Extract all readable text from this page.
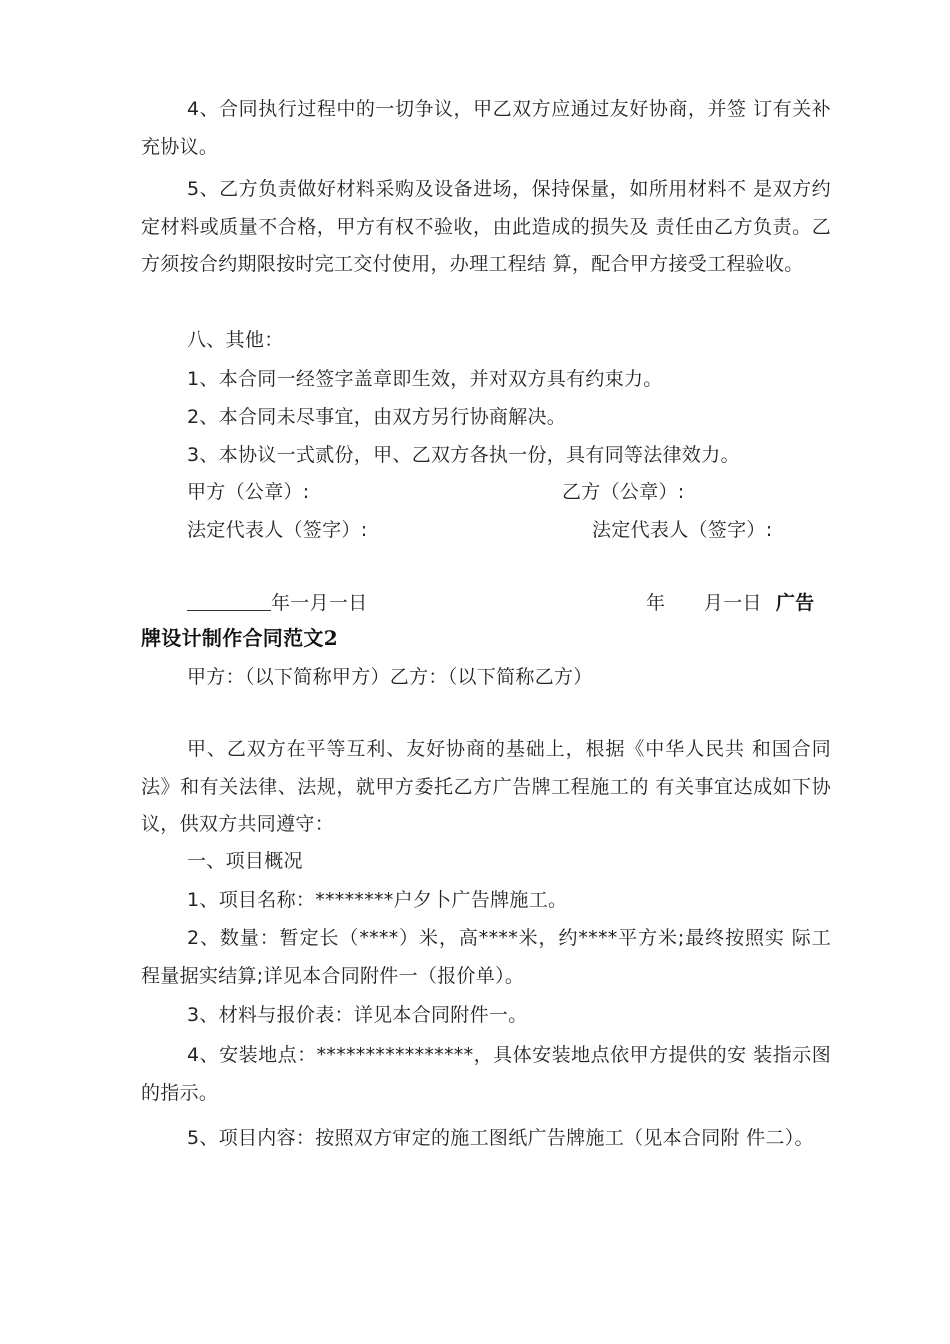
4、合同执行过程中的一切争议，甲乙双方应通过友好协商，并签 订有关补充协议。

5、乙方负责做好材料采购及设备进场，保持保量，如所用材料不 是双方约定材料或质量不合格，甲方有权不验收，由此造成的损失及 责任由乙方负责。乙方须按合约期限按时完工交付使用，办理工程结 算，配合甲方接受工程验收。

八、其他：

1、本合同一经签字盖章即生效，并对双方具有约束力。

2、本合同未尽事宜，由双方另行协商解决。

3、本协议一式贰份，甲、乙双方各执一份，具有同等法律效力。

甲方（公章）:	乙方（公章）:

法定代表人（签字）:	法定代表人（签字）:

年一月一日	年　　月一日 广告

牌设计制作合同范文2

甲方：（以下简称甲方）乙方：（以下简称乙方）

甲、乙双方在平等互利、友好协商的基础上，根据《中华人民共 和国合同法》和有关法律、法规，就甲方委托乙方广告牌工程施工的 有关事宜达成如下协议，供双方共同遵守：

一、项目概况

1、项目名称：********户夕卜广告牌施工。

2、数量：暂定长（****）米，高****米，约****平方米;最终按照实 际工程量据实结算;详见本合同附件一（报价单）。

3、材料与报价表：详见本合同附件一。

4、安装地点：****************，具体安装地点依甲方提供的安 装指示图的指示。

5、项目内容：按照双方审定的施工图纸广告牌施工（见本合同附 件二）。
